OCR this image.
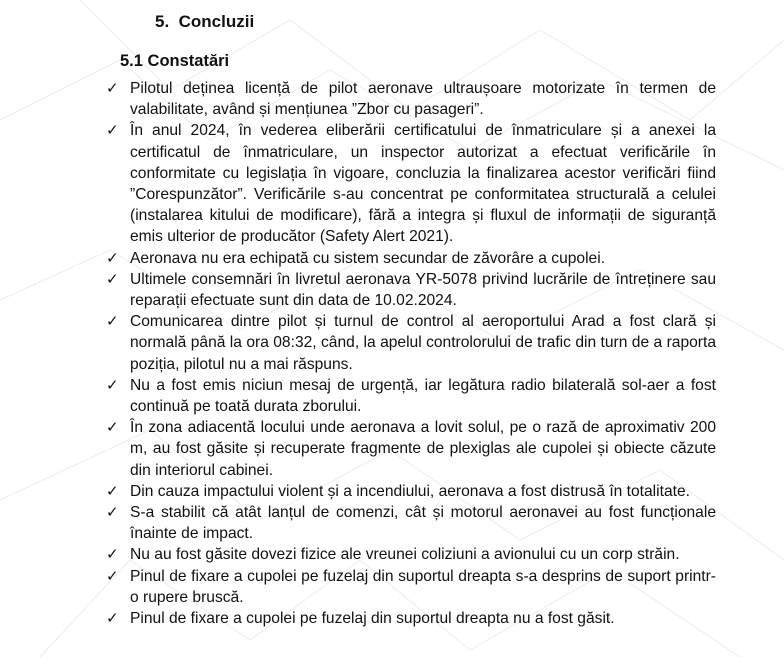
5. Concluzii
5.1 Constatări
✓ Pilotul deținea licență de pilot aeronave ultraușoare motorizate în termen de valabilitate, având și mențiunea ”Zbor cu pasageri”.
✓ În anul 2024, în vederea eliberării certificatului de înmatriculare și a anexei la certificatul de înmatriculare, un inspector autorizat a efectuat verificările în conformitate cu legislația în vigoare, concluzia la finalizarea acestor verificări fiind ”Corespunzător”. Verificările s-au concentrat pe conformitatea structurală a celulei (instalarea kitului de modificare), fără a integra și fluxul de informații de siguranță emis ulterior de producător (Safety Alert 2021).
✓ Aeronava nu era echipată cu sistem secundar de zăvorâre a cupolei.
✓ Ultimele consemnări în livretul aeronava YR-5078 privind lucrările de întreținere sau reparații efectuate sunt din data de 10.02.2024.
✓ Comunicarea dintre pilot și turnul de control al aeroportului Arad a fost clară și normală până la ora 08:32, când, la apelul controlorului de trafic din turn de a raporta poziția, pilotul nu a mai răspuns.
✓ Nu a fost emis niciun mesaj de urgență, iar legătura radio bilaterală sol-aer a fost continuă pe toată durata zborului.
✓ În zona adiacentă locului unde aeronava a lovit solul, pe o rază de aproximativ 200 m, au fost găsite și recuperate fragmente de plexiglas ale cupolei și obiecte căzute din interiorul cabinei.
✓ Din cauza impactului violent și a incendiului, aeronava a fost distrusă în totalitate.
✓ S-a stabilit că atât lanțul de comenzi, cât și motorul aeronavei au fost funcționale înainte de impact.
✓ Nu au fost găsite dovezi fizice ale vreunei coliziuni a avionului cu un corp străin.
✓ Pinul de fixare a cupolei pe fuzelaj din suportul dreapta s-a desprins de suport printr-o rupere bruscă.
✓ Pinul de fixare a cupolei pe fuzelaj din suportul dreapta nu a fost găsit.
